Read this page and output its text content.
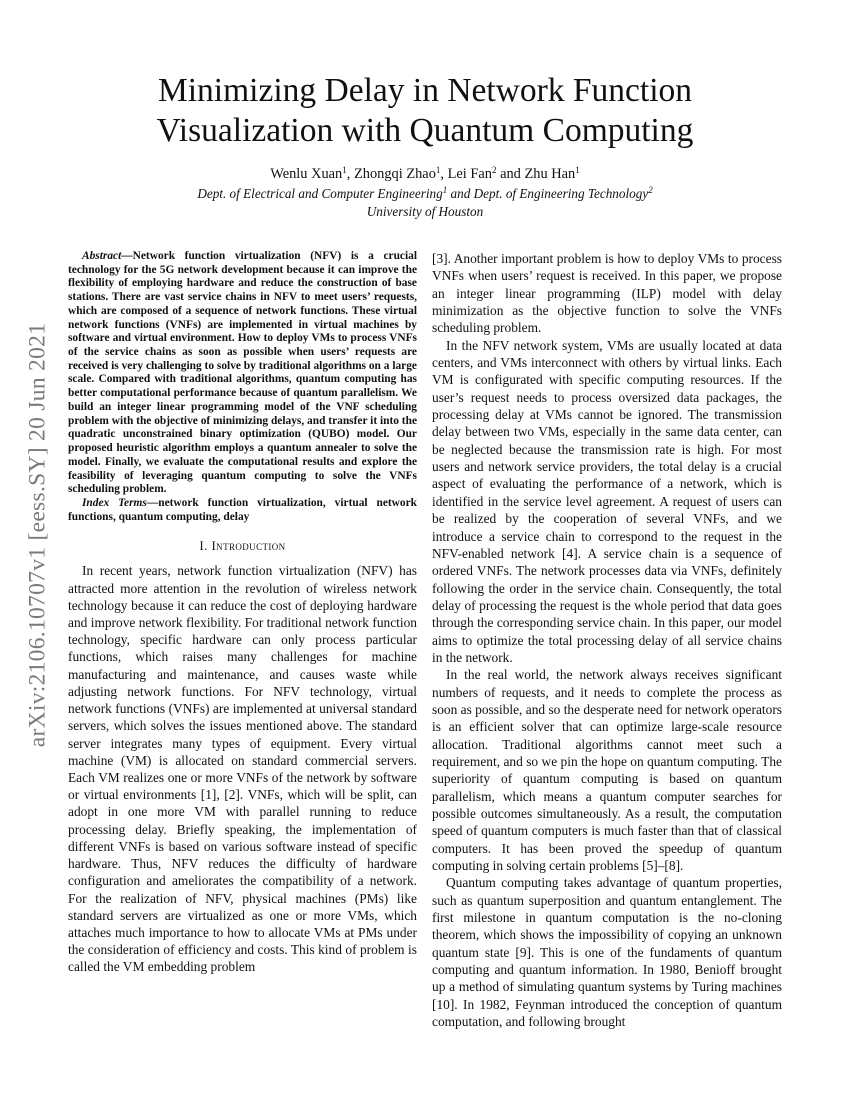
arXiv:2106.10707v1 [eess.SY] 20 Jun 2021
Minimizing Delay in Network Function
Visualization with Quantum Computing
Wenlu Xuan$^1$, Zhongqi Zhao$^1$, Lei Fan$^2$ and Zhu Han$^1$
Dept. of Electrical and Computer Engineering$^1$ and Dept. of Engineering Technology$^2$
University of Houston

Abstract—Network function virtualization (NFV) is a crucial technology for the 5G network development because it can improve the flexibility of employing hardware and reduce the construction of base stations. There are vast service chains in NFV to meet users’ requests, which are composed of a sequence of network functions. These virtual network functions (VNFs) are implemented in virtual machines by software and virtual environment. How to deploy VMs to process VNFs of the service chains as soon as possible when users’ requests are received is very challenging to solve by traditional algorithms on a large scale. Compared with traditional algorithms, quantum computing has better computational performance because of quantum parallelism. We build an integer linear programming model of the VNF scheduling problem with the objective of minimizing delays, and transfer it into the quadratic unconstrained binary optimization (QUBO) model. Our proposed heuristic algorithm employs a quantum annealer to solve the model. Finally, we evaluate the computational results and explore the feasibility of leveraging quantum computing to solve the VNFs scheduling problem.

Index Terms—network function virtualization, virtual network functions, quantum computing, delay

I. Introduction

In recent years, network function virtualization (NFV) has attracted more attention in the revolution of wireless network technology because it can reduce the cost of deploying hardware and improve network flexibility. For traditional network function technology, specific hardware can only process particular functions, which raises many challenges for machine manufacturing and maintenance, and causes waste while adjusting network functions. For NFV technology, virtual network functions (VNFs) are implemented at universal standard servers, which solves the issues mentioned above. The standard server integrates many types of equipment. Every virtual machine (VM) is allocated on standard commercial servers. Each VM realizes one or more VNFs of the network by software or virtual environments [1], [2]. VNFs, which will be split, can adopt in one more VM with parallel running to reduce processing delay. Briefly speaking, the implementation of different VNFs is based on various software instead of specific hardware. Thus, NFV reduces the difficulty of hardware configuration and ameliorates the compatibility of a network. For the realization of NFV, physical machines (PMs) like standard servers are virtualized as one or more VMs, which attaches much importance to how to allocate VMs at PMs under the consideration of efficiency and costs. This kind of problem is called the VM embedding problem

[3]. Another important problem is how to deploy VMs to process VNFs when users’ request is received. In this paper, we propose an integer linear programming (ILP) model with delay minimization as the objective function to solve the VNFs scheduling problem.

In the NFV network system, VMs are usually located at data centers, and VMs interconnect with others by virtual links. Each VM is configurated with specific computing resources. If the user’s request needs to process oversized data packages, the processing delay at VMs cannot be ignored. The transmission delay between two VMs, especially in the same data center, can be neglected because the transmission rate is high. For most users and network service providers, the total delay is a crucial aspect of evaluating the performance of a network, which is identified in the service level agreement. A request of users can be realized by the cooperation of several VNFs, and we introduce a service chain to correspond to the request in the NFV-enabled network [4]. A service chain is a sequence of ordered VNFs. The network processes data via VNFs, definitely following the order in the service chain. Consequently, the total delay of processing the request is the whole period that data goes through the corresponding service chain. In this paper, our model aims to optimize the total processing delay of all service chains in the network.

In the real world, the network always receives significant numbers of requests, and it needs to complete the process as soon as possible, and so the desperate need for network operators is an efficient solver that can optimize large-scale resource allocation. Traditional algorithms cannot meet such a requirement, and so we pin the hope on quantum computing. The superiority of quantum computing is based on quantum parallelism, which means a quantum computer searches for possible outcomes simultaneously. As a result, the computation speed of quantum computers is much faster than that of classical computers. It has been proved the speedup of quantum computing in solving certain problems [5]–[8].

Quantum computing takes advantage of quantum properties, such as quantum superposition and quantum entanglement. The first milestone in quantum computation is the no-cloning theorem, which shows the impossibility of copying an unknown quantum state [9]. This is one of the fundaments of quantum computing and quantum information. In 1980, Benioff brought up a method of simulating quantum systems by Turing machines [10]. In 1982, Feynman introduced the conception of quantum computation, and following brought
